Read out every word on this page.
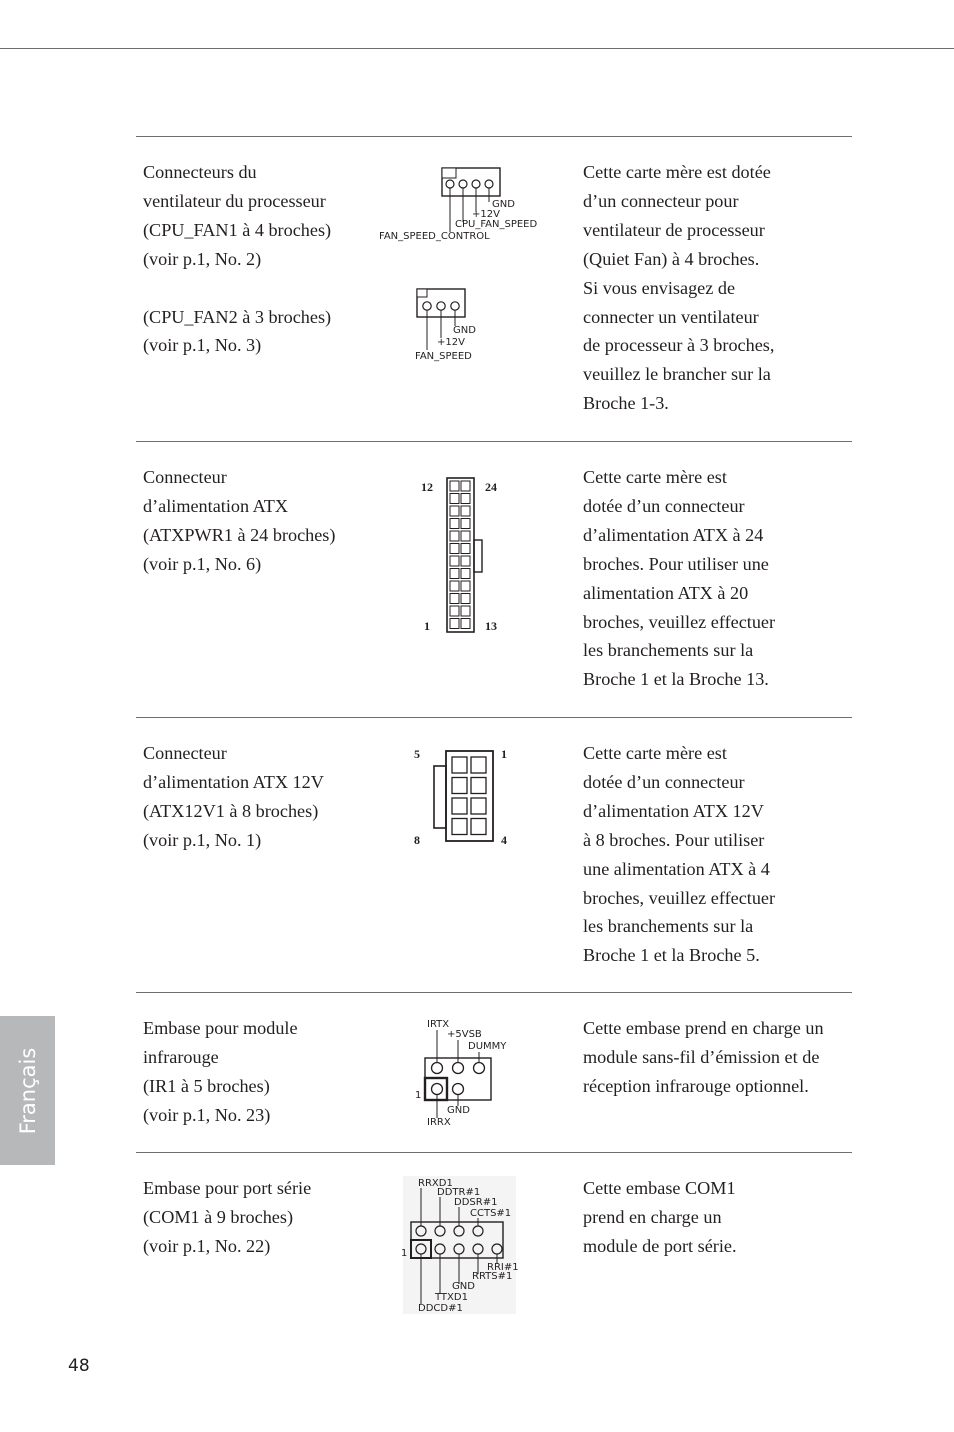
Connecteurs du
ventilateur du processeur
(CPU_FAN1 à 4 broches)
(voir p.1, No. 2)
(CPU_FAN2 à 3 broches)
(voir p.1, No. 3)
GND
+12V
CPU_FAN_SPEED
FAN_SPEED_CONTROL
GND
+12V
FAN_SPEED
Cette carte mère est dotée
d’un connecteur pour
ventilateur de processeur
(Quiet Fan) à 4 broches.
Si vous envisagez de
connecter un ventilateur
de processeur à 3 broches,
veuillez le brancher sur la
Broche 1-3.
Connecteur
d’alimentation ATX
(ATXPWR1 à 24 broches)
(voir p.1, No. 6)
12	24
1	13
Cette carte mère est
dotée d’un connecteur
d’alimentation ATX à 24
broches. Pour utiliser une
alimentation ATX à 20
broches, veuillez effectuer
les branchements sur la
Broche 1 et la Broche 13.
Connecteur
d’alimentation ATX 12V
(ATX12V1 à 8 broches)
(voir p.1, No. 1)
5	1
8	4
Cette carte mère est
dotée d’un connecteur
d’alimentation ATX 12V
à 8 broches. Pour utiliser
une alimentation ATX à 4
broches, veuillez effectuer
les branchements sur la
Broche 1 et la Broche 5.
Embase pour module
infrarouge
(IR1 à 5 broches)
(voir p.1, No. 23)
IRTX
+5VSB
DUMMY
1
GND
IRRX
Cette embase prend en charge un
module sans-fil d’émission et de
réception infrarouge optionnel.
Embase pour port série
(COM1 à 9 broches)
(voir p.1, No. 22)
RRXD1
DDTR#1
DDSR#1
CCTS#1
1
RRI#1
RRTS#1
GND
TTXD1
DDCD#1
Cette embase COM1
prend en charge un
module de port série.
Français
48
